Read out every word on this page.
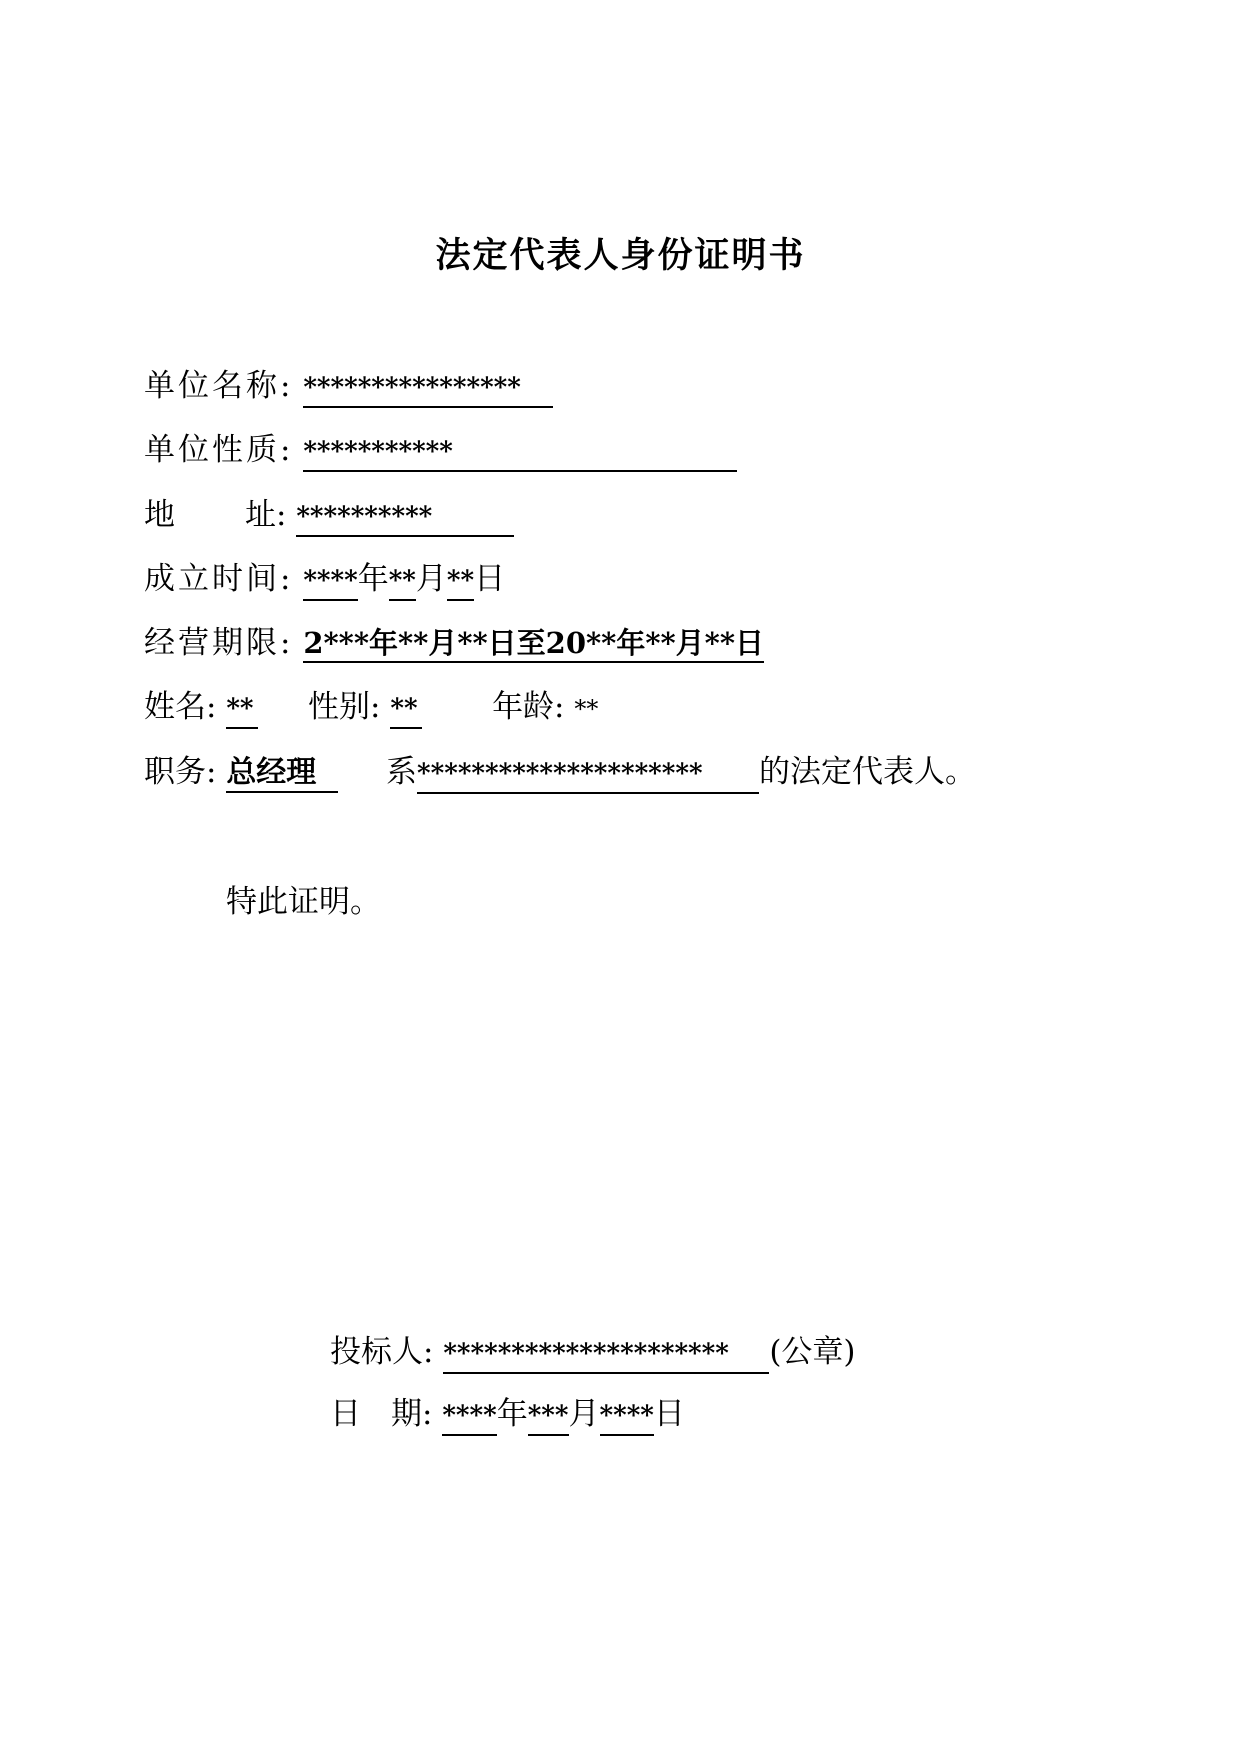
法定代表人身份证明书
单位名称: ****************
单位性质: ***********
地 址: **********
成立时间: ****年**月**日
经营期限: 2***年**月**日至20**年**月**日
姓名: ** 性别: ** 年龄: **
职务: 总经理 系********************* 的法定代表人。
特此证明。
投标人: ********************* (公章)
日 期: ****年***月****日
